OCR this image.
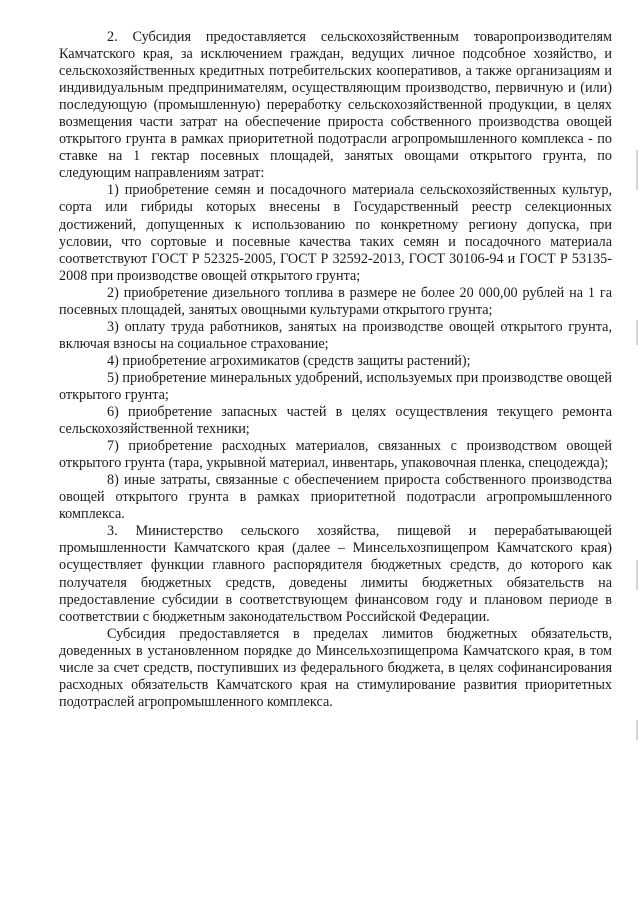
2. Субсидия предоставляется сельскохозяйственным товаропроизводителям Камчатского края, за исключением граждан, ведущих личное подсобное хозяйство, и сельскохозяйственных кредитных потребительских кооперативов, а также организациям и индивидуальным предпринимателям, осуществляющим производство, первичную и (или) последующую (промышленную) переработку сельскохозяйственной продукции, в целях возмещения части затрат на обеспечение прироста собственного производства овощей открытого грунта в рамках приоритетной подотрасли агропромышленного комплекса - по ставке на 1 гектар посевных площадей, занятых овощами открытого грунта, по следующим направлениям затрат:

1) приобретение семян и посадочного материала сельскохозяйственных культур, сорта или гибриды которых внесены в Государственный реестр селекционных достижений, допущенных к использованию по конкретному региону допуска, при условии, что сортовые и посевные качества таких семян и посадочного материала соответствуют ГОСТ Р 52325-2005, ГОСТ Р 32592-2013, ГОСТ 30106-94 и ГОСТ Р 53135-2008 при производстве овощей открытого грунта;

2) приобретение дизельного топлива в размере не более 20 000,00 рублей на 1 га посевных площадей, занятых овощными культурами открытого грунта;

3) оплату труда работников, занятых на производстве овощей открытого грунта, включая взносы на социальное страхование;

4) приобретение агрохимикатов (средств защиты растений);

5) приобретение минеральных удобрений, используемых при производстве овощей открытого грунта;

6) приобретение запасных частей в целях осуществления текущего ремонта сельскохозяйственной техники;

7) приобретение расходных материалов, связанных с производством овощей открытого грунта (тара, укрывной материал, инвентарь, упаковочная пленка, спецодежда);

8) иные затраты, связанные с обеспечением прироста собственного производства овощей открытого грунта в рамках приоритетной подотрасли агропромышленного комплекса.

3. Министерство сельского хозяйства, пищевой и перерабатывающей промышленности Камчатского края (далее – Минсельхозпищепром Камчатского края) осуществляет функции главного распорядителя бюджетных средств, до которого как получателя бюджетных средств, доведены лимиты бюджетных обязательств на предоставление субсидии в соответствующем финансовом году и плановом периоде в соответствии с бюджетным законодательством Российской Федерации.

Субсидия предоставляется в пределах лимитов бюджетных обязательств, доведенных в установленном порядке до Минсельхозпищепрома Камчатского края, в том числе за счет средств, поступивших из федерального бюджета, в целях софинансирования расходных обязательств Камчатского края на стимулирование развития приоритетных подотраслей агропромышленного комплекса.
